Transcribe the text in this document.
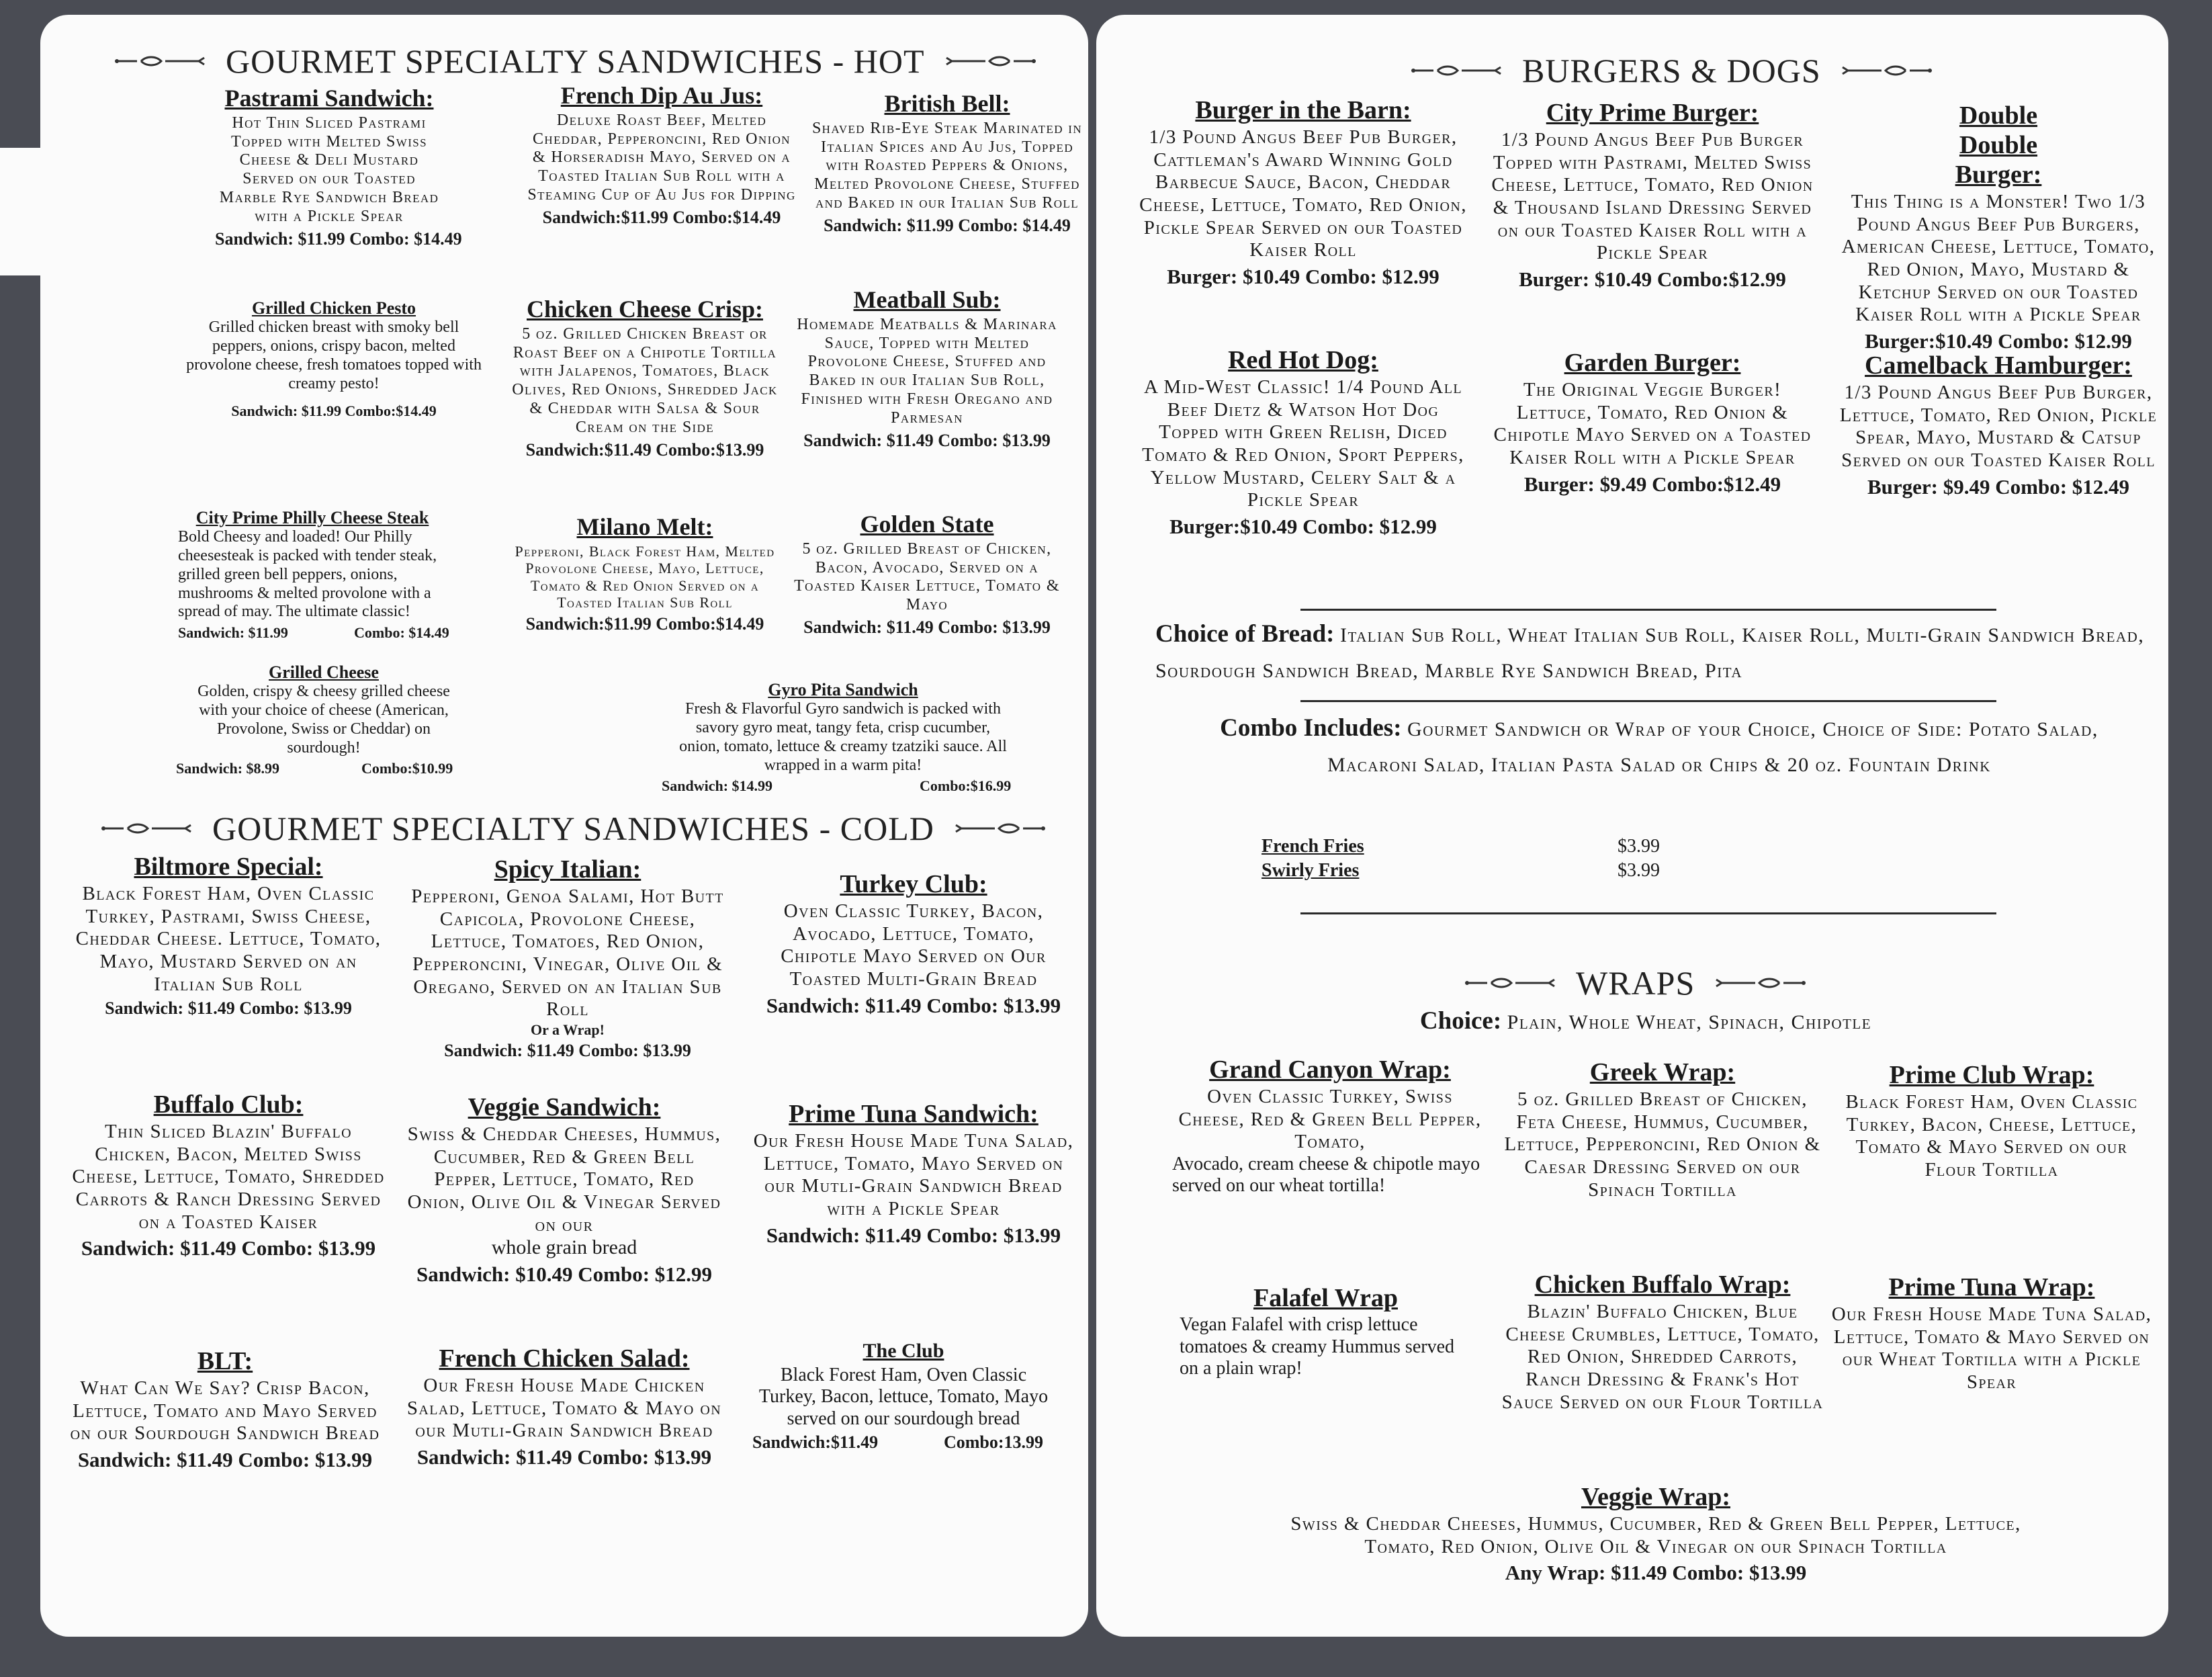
GOURMET SPECIALTY SANDWICHES - HOT
Pastrami Sandwich:
Hot Thin Sliced Pastrami Topped with Melted Swiss Cheese & Deli Mustard Served on our Toasted Marble Rye Sandwich Bread with a Pickle Spear
Sandwich: $11.99 Combo: $14.49
French Dip Au Jus:
Deluxe Roast Beef, Melted Cheddar, Pepperoncini, Red Onion & Horseradish Mayo, Served on a Toasted Italian Sub Roll with a Steaming Cup of Au Jus for Dipping
Sandwich:$11.99 Combo:$14.49
British Bell:
Shaved Rib-Eye Steak Marinated in Italian Spices and Au Jus, Topped with Roasted Peppers & Onions, Melted Provolone Cheese, Stuffed and Baked in our Italian Sub Roll
Sandwich: $11.99 Combo: $14.49
Grilled Chicken Pesto
Grilled chicken breast with smoky bell peppers, onions, crispy bacon, melted provolone cheese, fresh tomatoes topped with creamy pesto!
Sandwich: $11.99 Combo:$14.49
Chicken Cheese Crisp:
5 oz. Grilled Chicken Breast or Roast Beef on a Chipotle Tortilla with Jalapenos, Tomatoes, Black Olives, Red Onions, Shredded Jack & Cheddar with Salsa & Sour Cream on the Side
Sandwich:$11.49 Combo:$13.99
Meatball Sub:
Homemade Meatballs & Marinara Sauce, Topped with Melted Provolone Cheese, Stuffed and Baked in our Italian Sub Roll, Finished with Fresh Oregano and Parmesan
Sandwich: $11.49 Combo: $13.99
City Prime Philly Cheese Steak
Bold Cheesy and loaded! Our Philly cheesesteak is packed with tender steak, grilled green bell peppers, onions, mushrooms & melted provolone with a spread of may. The ultimate classic!
Sandwich: $11.99	Combo: $14.49
Milano Melt:
Pepperoni, Black Forest Ham, Melted Provolone Cheese, Mayo, Lettuce, Tomato & Red Onion Served on a Toasted Italian Sub Roll
Sandwich:$11.99 Combo:$14.49
Golden State
5 oz. Grilled Breast of Chicken, Bacon, Avocado, Served on a Toasted Kaiser Lettuce, Tomato & Mayo
Sandwich: $11.49 Combo: $13.99
Grilled Cheese
Golden, crispy & cheesy grilled cheese with your choice of cheese (American, Provolone, Swiss or Cheddar) on sourdough!
Sandwich: $8.99	Combo:$10.99
Gyro Pita Sandwich
Fresh & Flavorful Gyro sandwich is packed with savory gyro meat, tangy feta, crisp cucumber, onion, tomato, lettuce & creamy tzatziki sauce. All wrapped in a warm pita!
Sandwich: $14.99	Combo:$16.99
GOURMET SPECIALTY SANDWICHES - COLD
Biltmore Special:
Black Forest Ham, Oven Classic Turkey, Pastrami, Swiss Cheese, Cheddar Cheese. Lettuce, Tomato, Mayo, Mustard Served on an Italian Sub Roll
Sandwich: $11.49 Combo: $13.99
Spicy Italian:
Pepperoni, Genoa Salami, Hot Butt Capicola, Provolone Cheese, Lettuce, Tomatoes, Red Onion, Pepperoncini, Vinegar, Olive Oil & Oregano, Served on an Italian Sub Roll
Or a Wrap!
Sandwich: $11.49 Combo: $13.99
Turkey Club:
Oven Classic Turkey, Bacon, Avocado, Lettuce, Tomato, Chipotle Mayo Served on Our Toasted Multi-Grain Bread
Sandwich: $11.49 Combo: $13.99
Buffalo Club:
Thin Sliced Blazin' Buffalo Chicken, Bacon, Melted Swiss Cheese, Lettuce, Tomato, Shredded Carrots & Ranch Dressing Served on a Toasted Kaiser
Sandwich: $11.49 Combo: $13.99
Veggie Sandwich:
Swiss & Cheddar Cheeses, Hummus, Cucumber, Red & Green Bell Pepper, Lettuce, Tomato, Red Onion, Olive Oil & Vinegar Served on our
whole grain bread
Sandwich: $10.49 Combo: $12.99
Prime Tuna Sandwich:
Our Fresh House Made Tuna Salad, Lettuce, Tomato, Mayo Served on our Mutli-Grain Sandwich Bread with a Pickle Spear
Sandwich: $11.49 Combo: $13.99
BLT:
What Can We Say? Crisp Bacon, Lettuce, Tomato and Mayo Served on our Sourdough Sandwich Bread
Sandwich: $11.49 Combo: $13.99
French Chicken Salad:
Our Fresh House Made Chicken Salad, Lettuce, Tomato & Mayo on our Mutli-Grain Sandwich Bread
Sandwich: $11.49 Combo: $13.99
The Club
Black Forest Ham, Oven Classic Turkey, Bacon, lettuce, Tomato, Mayo served on our sourdough bread
Sandwich:$11.49	Combo:13.99
BURGERS & DOGS
Burger in the Barn:
1/3 Pound Angus Beef Pub Burger, Cattleman's Award Winning Gold Barbecue Sauce, Bacon, Cheddar Cheese, Lettuce, Tomato, Red Onion, Pickle Spear Served on our Toasted Kaiser Roll
Burger: $10.49 Combo: $12.99
City Prime Burger:
1/3 Pound Angus Beef Pub Burger Topped with Pastrami, Melted Swiss Cheese, Lettuce, Tomato, Red Onion & Thousand Island Dressing Served on our Toasted Kaiser Roll with a Pickle Spear
Burger: $10.49 Combo:$12.99
Double Double Burger:
This Thing is a Monster! Two 1/3 Pound Angus Beef Pub Burgers, American Cheese, Lettuce, Tomato, Red Onion, Mayo, Mustard & Ketchup Served on our Toasted Kaiser Roll with a Pickle Spear
Burger:$10.49 Combo: $12.99
Red Hot Dog:
A Mid-West Classic! 1/4 Pound All Beef Dietz & Watson Hot Dog Topped with Green Relish, Diced Tomato & Red Onion, Sport Peppers, Yellow Mustard, Celery Salt & a Pickle Spear
Burger:$10.49 Combo: $12.99
Garden Burger:
The Original Veggie Burger! Lettuce, Tomato, Red Onion & Chipotle Mayo Served on a Toasted Kaiser Roll with a Pickle Spear
Burger: $9.49 Combo:$12.49
Camelback Hamburger:
1/3 Pound Angus Beef Pub Burger, Lettuce, Tomato, Red Onion, Pickle Spear, Mayo, Mustard & Catsup Served on our Toasted Kaiser Roll
Burger: $9.49 Combo: $12.49
Choice of Bread: Italian Sub Roll, Wheat Italian Sub Roll, Kaiser Roll, Multi-Grain Sandwich Bread, Sourdough Sandwich Bread, Marble Rye Sandwich Bread, Pita
Combo Includes: Gourmet Sandwich or Wrap of your Choice, Choice of Side: Potato Salad, Macaroni Salad, Italian Pasta Salad or Chips & 20 oz. Fountain Drink
French Fries	$3.99
Swirly Fries	$3.99
WRAPS
Choice: Plain, Whole Wheat, Spinach, Chipotle
Grand Canyon Wrap:
Oven Classic Turkey, Swiss Cheese, Red & Green Bell Pepper, Tomato,
Avocado, cream cheese & chipotle mayo served on our wheat tortilla!
Greek Wrap:
5 oz. Grilled Breast of Chicken, Feta Cheese, Hummus, Cucumber, Lettuce, Pepperoncini, Red Onion & Caesar Dressing Served on our Spinach Tortilla
Prime Club Wrap:
Black Forest Ham, Oven Classic Turkey, Bacon, Cheese, Lettuce, Tomato & Mayo Served on our Flour Tortilla
Falafel Wrap
Vegan Falafel with crisp lettuce tomatoes & creamy Hummus served on a plain wrap!
Chicken Buffalo Wrap:
Blazin' Buffalo Chicken, Blue Cheese Crumbles, Lettuce, Tomato, Red Onion, Shredded Carrots, Ranch Dressing & Frank's Hot Sauce Served on our Flour Tortilla
Prime Tuna Wrap:
Our Fresh House Made Tuna Salad, Lettuce, Tomato & Mayo Served on our Wheat Tortilla with a Pickle Spear
Veggie Wrap:
Swiss & Cheddar Cheeses, Hummus, Cucumber, Red & Green Bell Pepper, Lettuce, Tomato, Red Onion, Olive Oil & Vinegar on our Spinach Tortilla
Any Wrap: $11.49 Combo: $13.99
